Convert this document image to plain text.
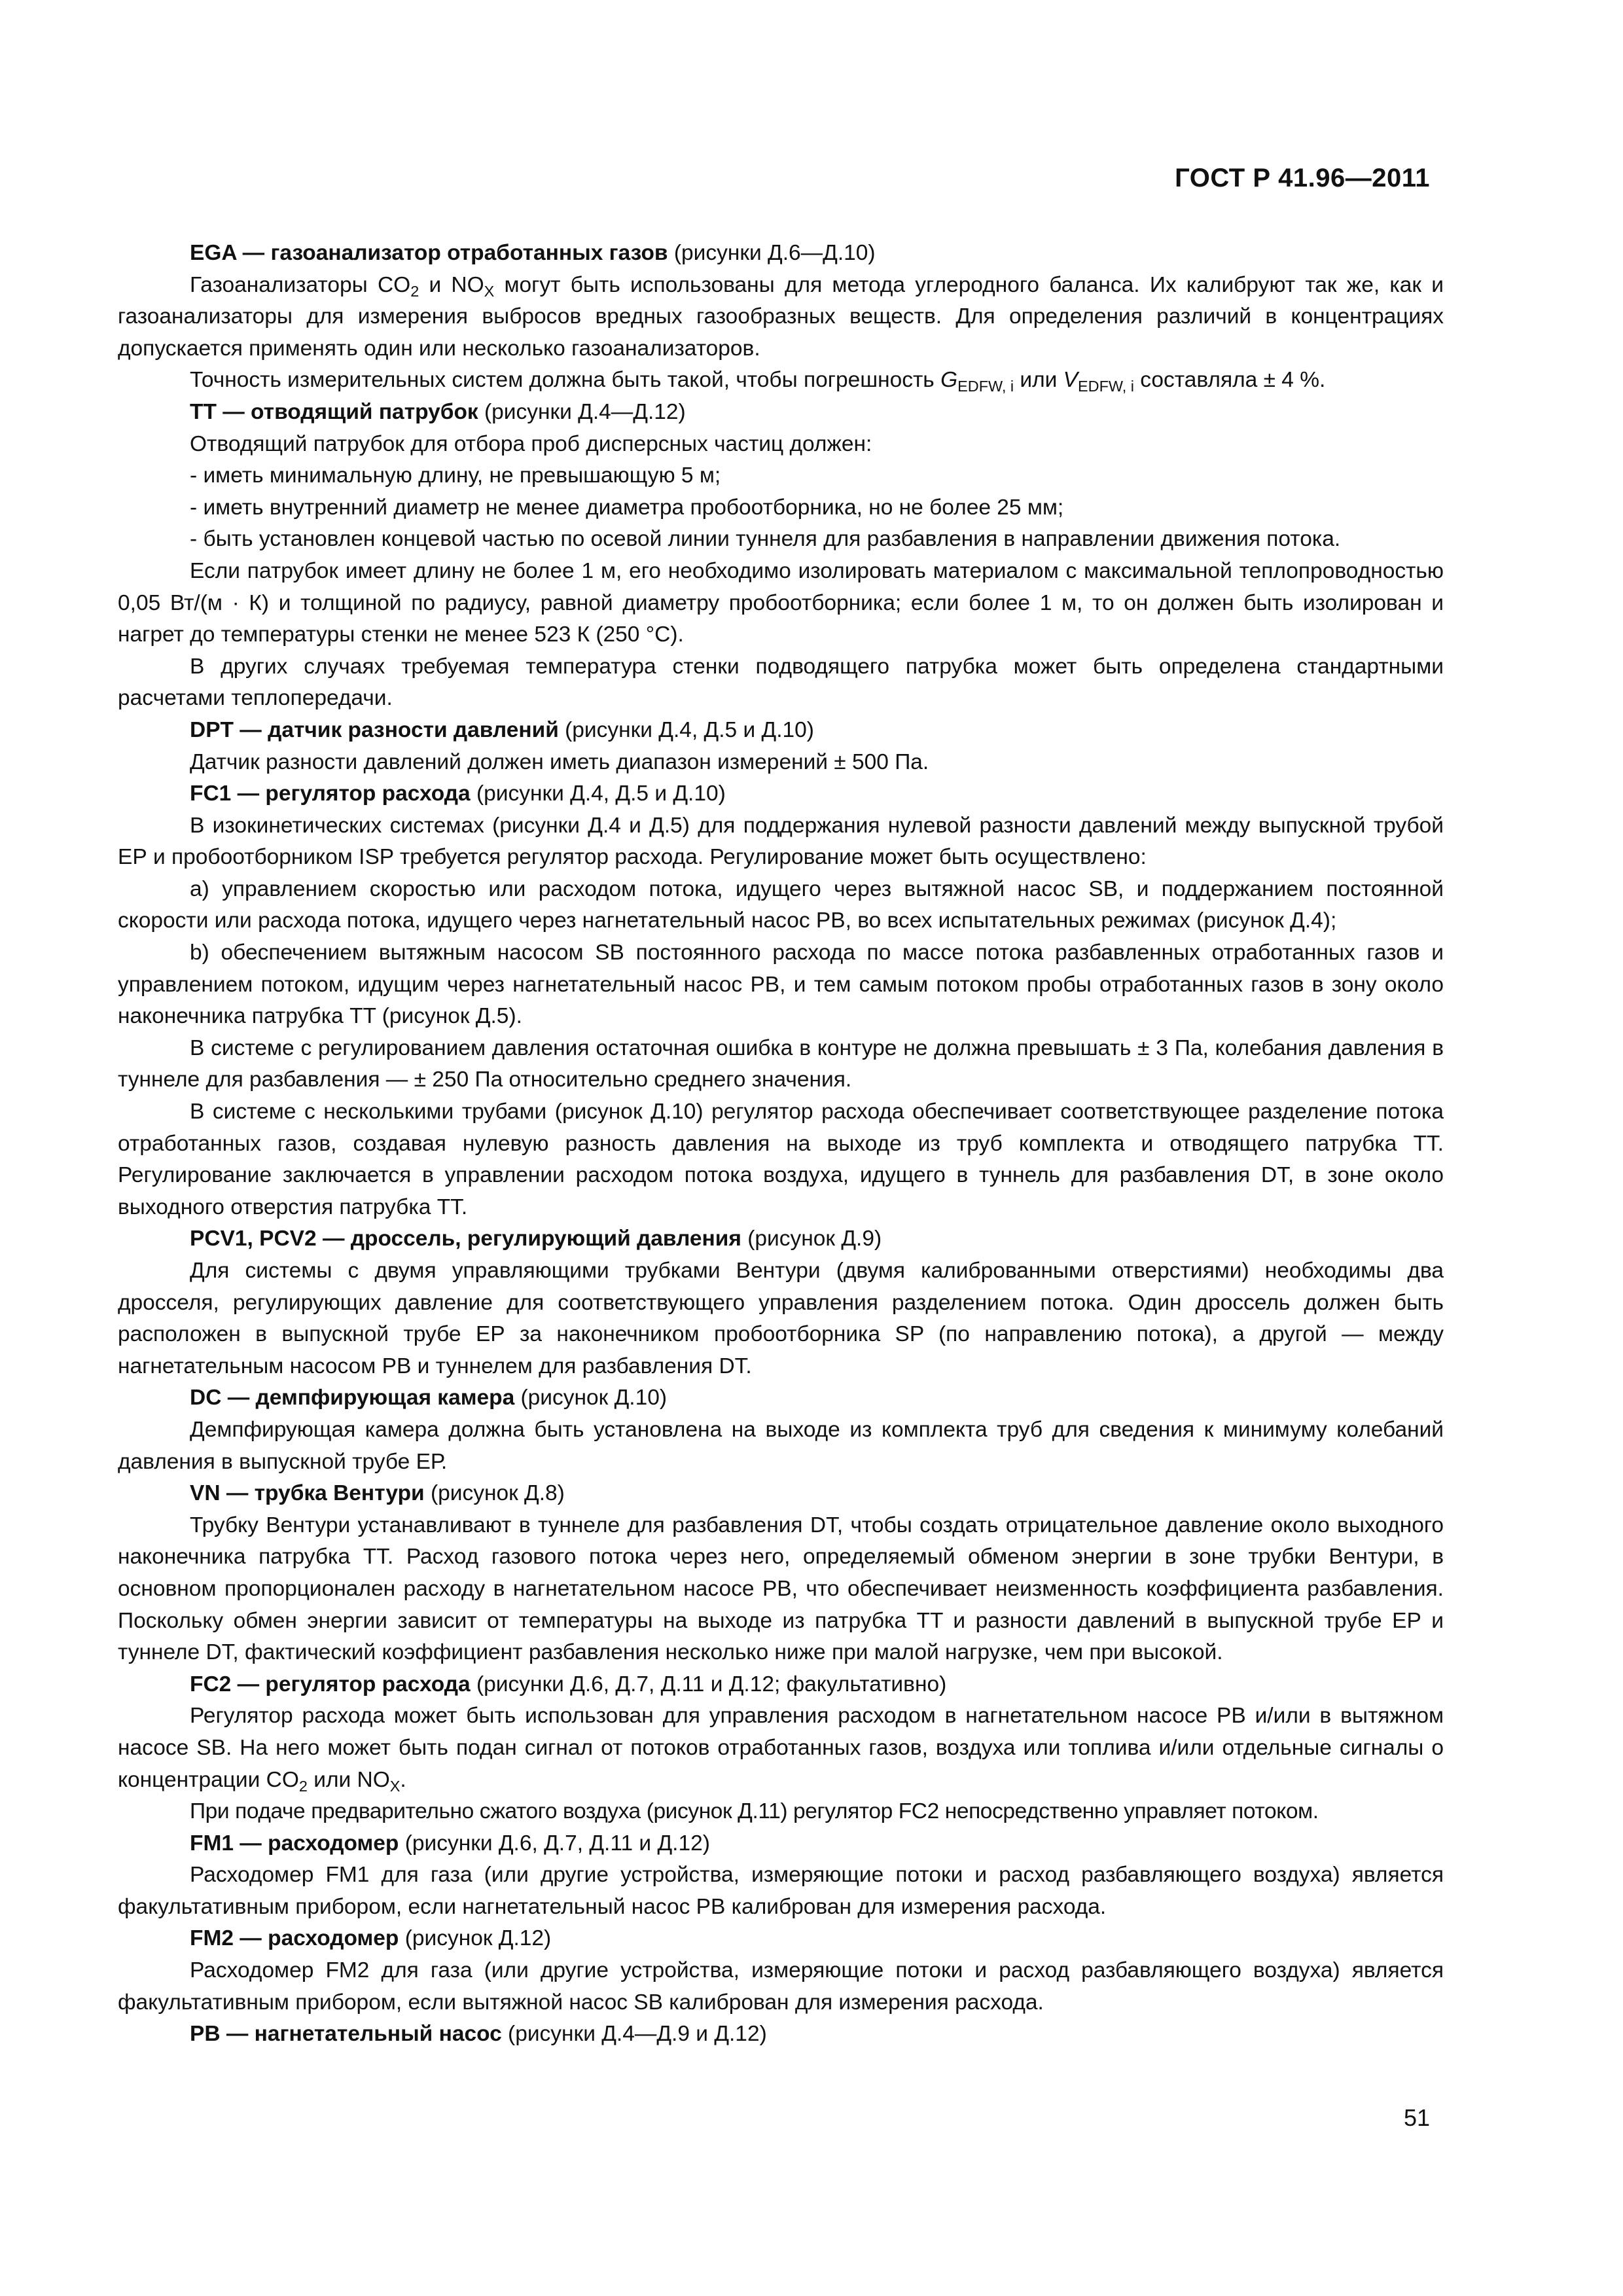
ГОСТ Р 41.96—2011

EGA — газоанализатор отработанных газов (рисунки Д.6—Д.10)

Газоанализаторы $CO_2$ и $NO_X$ могут быть использованы для метода углеродного баланса. Их калибруют так же, как и газоанализаторы для измерения выбросов вредных газообразных веществ. Для определения различий в концентрациях допускается применять один или несколько газоанализаторов.

Точность измерительных систем должна быть такой, чтобы погрешность $G_{EDFW, i}$ или $V_{EDFW, i}$ составляла ± 4 %.

TT — отводящий патрубок (рисунки Д.4—Д.12)

Отводящий патрубок для отбора проб дисперсных частиц должен:

- иметь минимальную длину, не превышающую 5 м;

- иметь внутренний диаметр не менее диаметра пробоотборника, но не более 25 мм;

- быть установлен концевой частью по осевой линии туннеля для разбавления в направлении движения потока.

Если патрубок имеет длину не более 1 м, его необходимо изолировать материалом с максимальной теплопроводностью 0,05 Вт/(м · К) и толщиной по радиусу, равной диаметру пробоотборника; если более 1 м, то он должен быть изолирован и нагрет до температуры стенки не менее 523 К (250 °С).

В других случаях требуемая температура стенки подводящего патрубка может быть определена стандартными расчетами теплопередачи.

DPT — датчик разности давлений (рисунки Д.4, Д.5 и Д.10)

Датчик разности давлений должен иметь диапазон измерений ± 500 Па.

FC1 — регулятор расхода (рисунки Д.4, Д.5 и Д.10)

В изокинетических системах (рисунки Д.4 и Д.5) для поддержания нулевой разности давлений между выпускной трубой ЕР и пробоотборником ISP требуется регулятор расхода. Регулирование может быть осуществлено:

a) управлением скоростью или расходом потока, идущего через вытяжной насос SB, и поддержанием постоянной скорости или расхода потока, идущего через нагнетательный насос РВ, во всех испытательных режимах (рисунок Д.4);

b) обеспечением вытяжным насосом SB постоянного расхода по массе потока разбавленных отработанных газов и управлением потоком, идущим через нагнетательный насос РВ, и тем самым потоком пробы отработанных газов в зону около наконечника патрубка TT (рисунок Д.5).

В системе с регулированием давления остаточная ошибка в контуре не должна превышать ± 3 Па, колебания давления в туннеле для разбавления — ± 250 Па относительно среднего значения.

В системе с несколькими трубами (рисунок Д.10) регулятор расхода обеспечивает соответствующее разделение потока отработанных газов, создавая нулевую разность давления на выходе из труб комплекта и отводящего патрубка TT. Регулирование заключается в управлении расходом потока воздуха, идущего в туннель для разбавления DT, в зоне около выходного отверстия патрубка TT.

PCV1, PCV2 — дроссель, регулирующий давления (рисунок Д.9)

Для системы с двумя управляющими трубками Вентури (двумя калиброванными отверстиями) необходимы два дросселя, регулирующих давление для соответствующего управления разделением потока. Один дроссель должен быть расположен в выпускной трубе ЕР за наконечником пробоотборника SP (по направлению потока), а другой — между нагнетательным насосом РВ и туннелем для разбавления DT.

DC — демпфирующая камера (рисунок Д.10)

Демпфирующая камера должна быть установлена на выходе из комплекта труб для сведения к минимуму колебаний давления в выпускной трубе ЕР.

VN — трубка Вентури (рисунок Д.8)

Трубку Вентури устанавливают в туннеле для разбавления DT, чтобы создать отрицательное давление около выходного наконечника патрубка TT. Расход газового потока через него, определяемый обменом энергии в зоне трубки Вентури, в основном пропорционален расходу в нагнетательном насосе РВ, что обеспечивает неизменность коэффициента разбавления. Поскольку обмен энергии зависит от температуры на выходе из патрубка TT и разности давлений в выпускной трубе ЕР и туннеле DT, фактический коэффициент разбавления несколько ниже при малой нагрузке, чем при высокой.

FC2 — регулятор расхода (рисунки Д.6, Д.7, Д.11 и Д.12; факультативно)

Регулятор расхода может быть использован для управления расходом в нагнетательном насосе РВ и/или в вытяжном насосе SB. На него может быть подан сигнал от потоков отработанных газов, воздуха или топлива и/или отдельные сигналы о концентрации $CO_2$ или $NO_X$.

При подаче предварительно сжатого воздуха (рисунок Д.11) регулятор FC2 непосредственно управляет потоком.

FM1 — расходомер (рисунки Д.6, Д.7, Д.11 и Д.12)

Расходомер FM1 для газа (или другие устройства, измеряющие потоки и расход разбавляющего воздуха) является факультативным прибором, если нагнетательный насос РВ калиброван для измерения расхода.

FM2 — расходомер (рисунок Д.12)

Расходомер FM2 для газа (или другие устройства, измеряющие потоки и расход разбавляющего воздуха) является факультативным прибором, если вытяжной насос SB калиброван для измерения расхода.

PB — нагнетательный насос (рисунки Д.4—Д.9 и Д.12)

51
